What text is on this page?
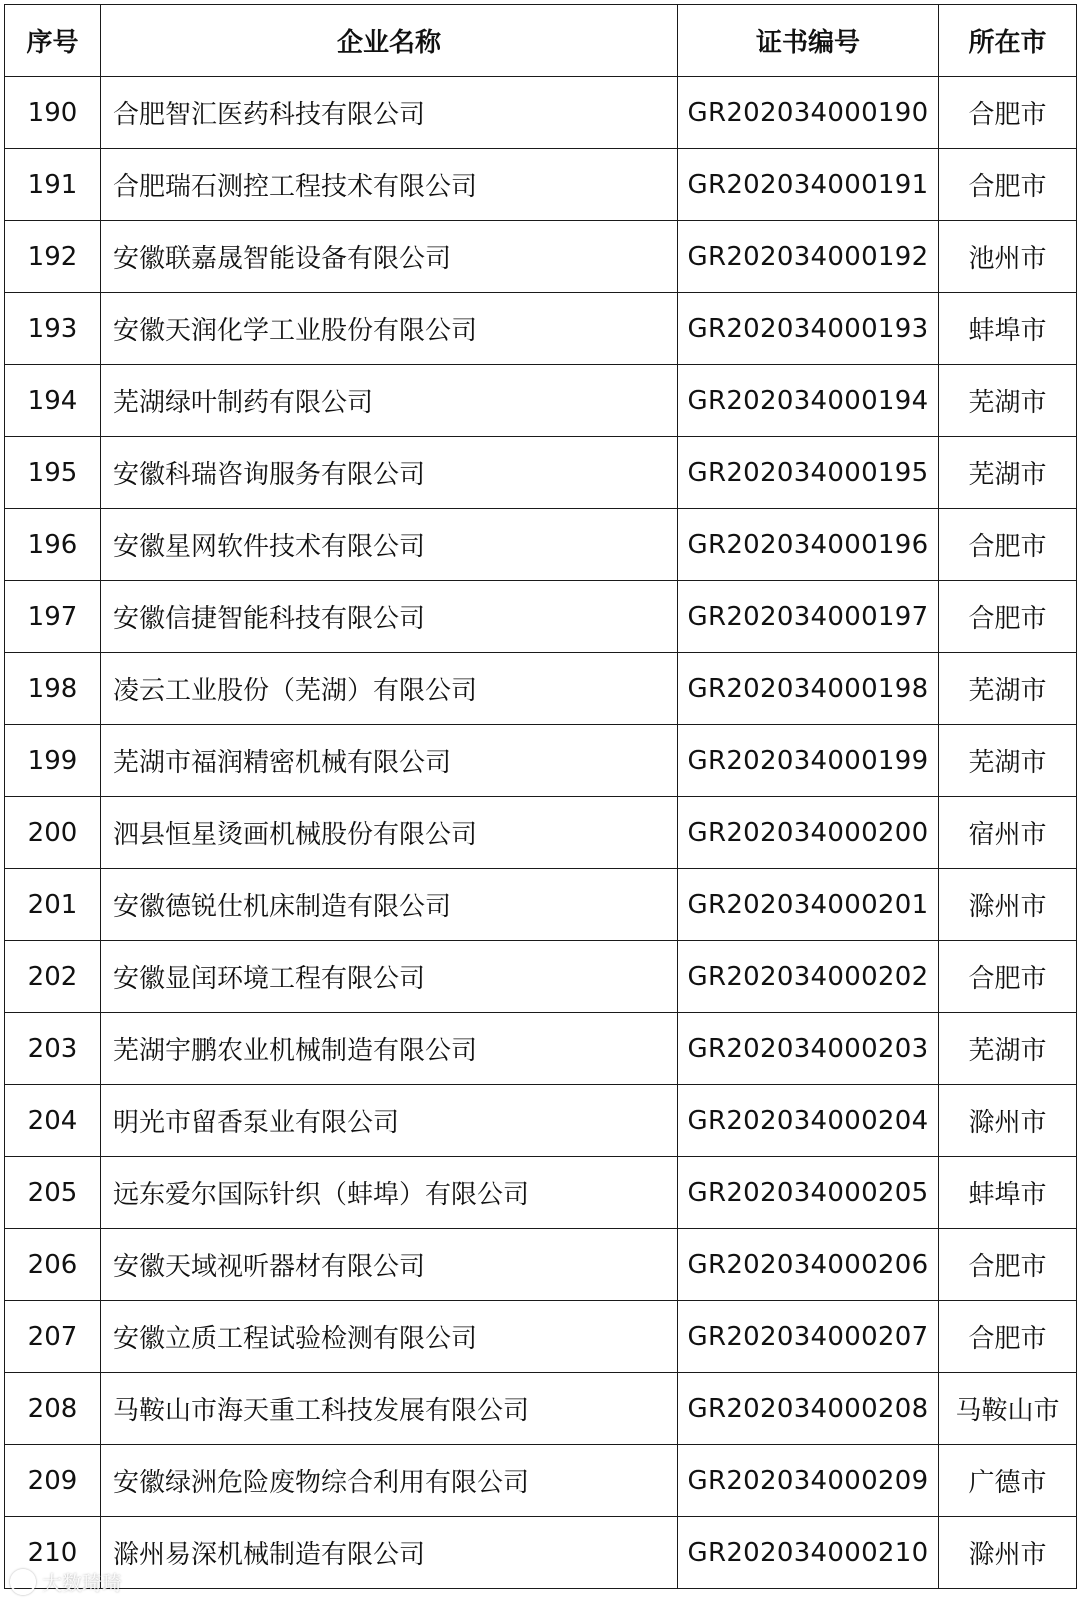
序号	企业名称	证书编号	所在市
190	合肥智汇医药科技有限公司	GR202034000190	合肥市
191	合肥瑞石测控工程技术有限公司	GR202034000191	合肥市
192	安徽联嘉晟智能设备有限公司	GR202034000192	池州市
193	安徽天润化学工业股份有限公司	GR202034000193	蚌埠市
194	芜湖绿叶制药有限公司	GR202034000194	芜湖市
195	安徽科瑞咨询服务有限公司	GR202034000195	芜湖市
196	安徽星网软件技术有限公司	GR202034000196	合肥市
197	安徽信捷智能科技有限公司	GR202034000197	合肥市
198	凌云工业股份（芜湖）有限公司	GR202034000198	芜湖市
199	芜湖市福润精密机械有限公司	GR202034000199	芜湖市
200	泗县恒星烫画机械股份有限公司	GR202034000200	宿州市
201	安徽德锐仕机床制造有限公司	GR202034000201	滁州市
202	安徽显闰环境工程有限公司	GR202034000202	合肥市
203	芜湖宇鹏农业机械制造有限公司	GR202034000203	芜湖市
204	明光市留香泵业有限公司	GR202034000204	滁州市
205	远东爱尔国际针织（蚌埠）有限公司	GR202034000205	蚌埠市
206	安徽天域视听器材有限公司	GR202034000206	合肥市
207	安徽立质工程试验检测有限公司	GR202034000207	合肥市
208	马鞍山市海天重工科技发展有限公司	GR202034000208	马鞍山市
209	安徽绿洲危险废物综合利用有限公司	GR202034000209	广德市
210	滁州易深机械制造有限公司	GR202034000210	滁州市
大数琦琦
